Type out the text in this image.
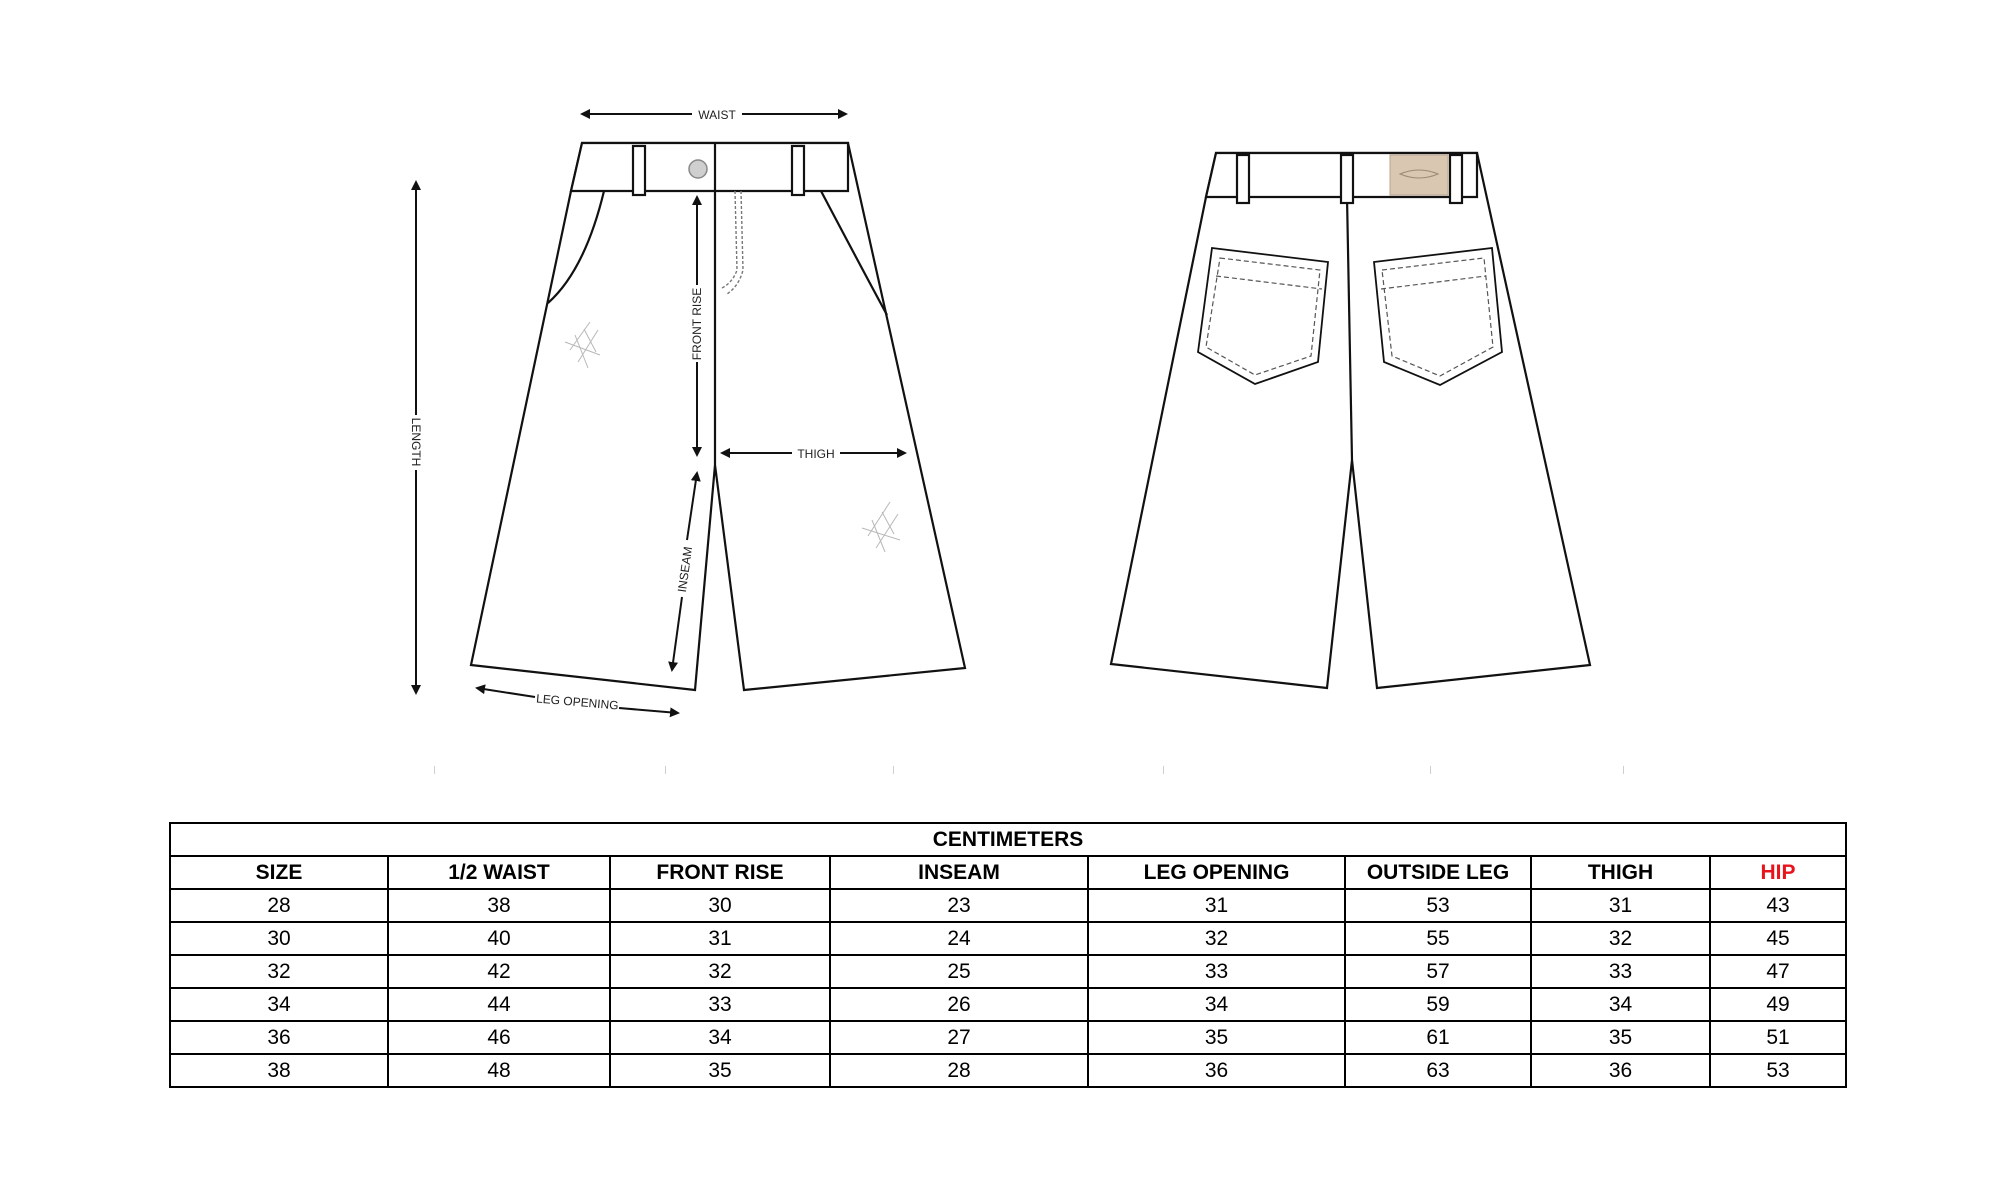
WAIST
LENGTH
FRONT RISE
THIGH
INSEAM
LEG OPENING
CENTIMETERS							
SIZE	1/2 WAIST	FRONT RISE	INSEAM	LEG OPENING	OUTSIDE LEG	THIGH	HIP
28	38	30	23	31	53	31	43
30	40	31	24	32	55	32	45
32	42	32	25	33	57	33	47
34	44	33	26	34	59	34	49
36	46	34	27	35	61	35	51
38	48	35	28	36	63	36	53
